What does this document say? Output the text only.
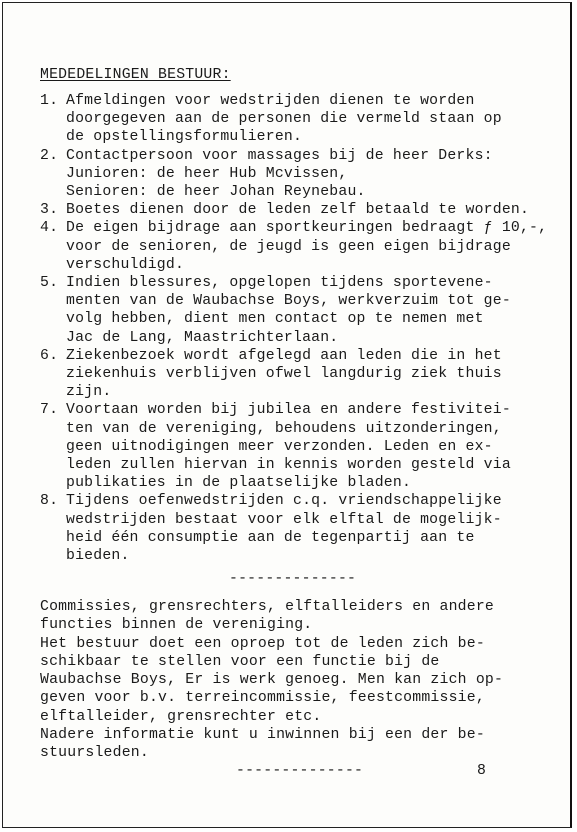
MEDEDELINGEN BESTUUR:
1. Afmeldingen voor wedstrijden dienen te worden
doorgegeven aan de personen die vermeld staan op
de opstellingsformulieren.
2. Contactpersoon voor massages bij de heer Derks:
Junioren: de heer Hub Mcvissen,
Senioren: de heer Johan Reynebau.
3. Boetes dienen door de leden zelf betaald te worden.
4. De eigen bijdrage aan sportkeuringen bedraagt ƒ 10,-,
voor de senioren, de jeugd is geen eigen bijdrage
verschuldigd.
5. Indien blessures, opgelopen tijdens sportevene-
menten van de Waubachse Boys, werkverzuim tot ge-
volg hebben, dient men contact op te nemen met
Jac de Lang, Maastrichterlaan.
6. Ziekenbezoek wordt afgelegd aan leden die in het
ziekenhuis verblijven ofwel langdurig ziek thuis
zijn.
7. Voortaan worden bij jubilea en andere festivitei-
ten van de vereniging, behoudens uitzonderingen,
geen uitnodigingen meer verzonden. Leden en ex-
leden zullen hiervan in kennis worden gesteld via
publikaties in de plaatselijke bladen.
8. Tijdens oefenwedstrijden c.q. vriendschappelijke
wedstrijden bestaat voor elk elftal de mogelijk-
heid één consumptie aan de tegenpartij aan te
bieden.
--------------
Commissies, grensrechters, elftalleiders en andere
functies binnen de vereniging.
Het bestuur doet een oproep tot de leden zich be-
schikbaar te stellen voor een functie bij de
Waubachse Boys, Er is werk genoeg. Men kan zich op-
geven voor b.v. terreincommissie, feestcommissie,
elftalleider, grensrechter etc.
Nadere informatie kunt u inwinnen bij een der be-
stuursleden.
--------------	8
